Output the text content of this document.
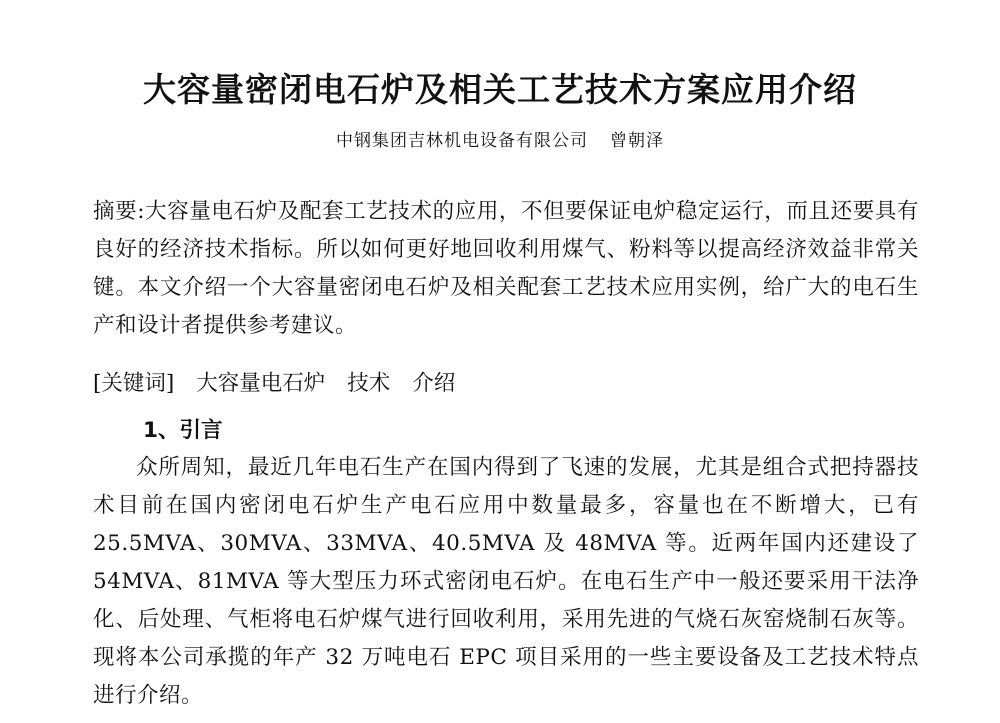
大容量密闭电石炉及相关工艺技术方案应用介绍
中钢集团吉林机电设备有限公司 曾朝泽
摘要:大容量电石炉及配套工艺技术的应用，不但要保证电炉稳定运行，而且还要具有良好的经济技术指标。所以如何更好地回收利用煤气、粉料等以提高经济效益非常关键。本文介绍一个大容量密闭电石炉及相关配套工艺技术应用实例，给广大的电石生产和设计者提供参考建议。
[关键词] 大容量电石炉 技术 介绍
1、引言
众所周知，最近几年电石生产在国内得到了飞速的发展，尤其是组合式把持器技术目前在国内密闭电石炉生产电石应用中数量最多，容量也在不断增大，已有 25.5MVA、30MVA、33MVA、40.5MVA 及 48MVA 等。近两年国内还建设了 54MVA、81MVA 等大型压力环式密闭电石炉。在电石生产中一般还要采用干法净化、后处理、气柜将电石炉煤气进行回收利用，采用先进的气烧石灰窑烧制石灰等。现将本公司承揽的年产 32 万吨电石 EPC 项目采用的一些主要设备及工艺技术特点进行介绍。
